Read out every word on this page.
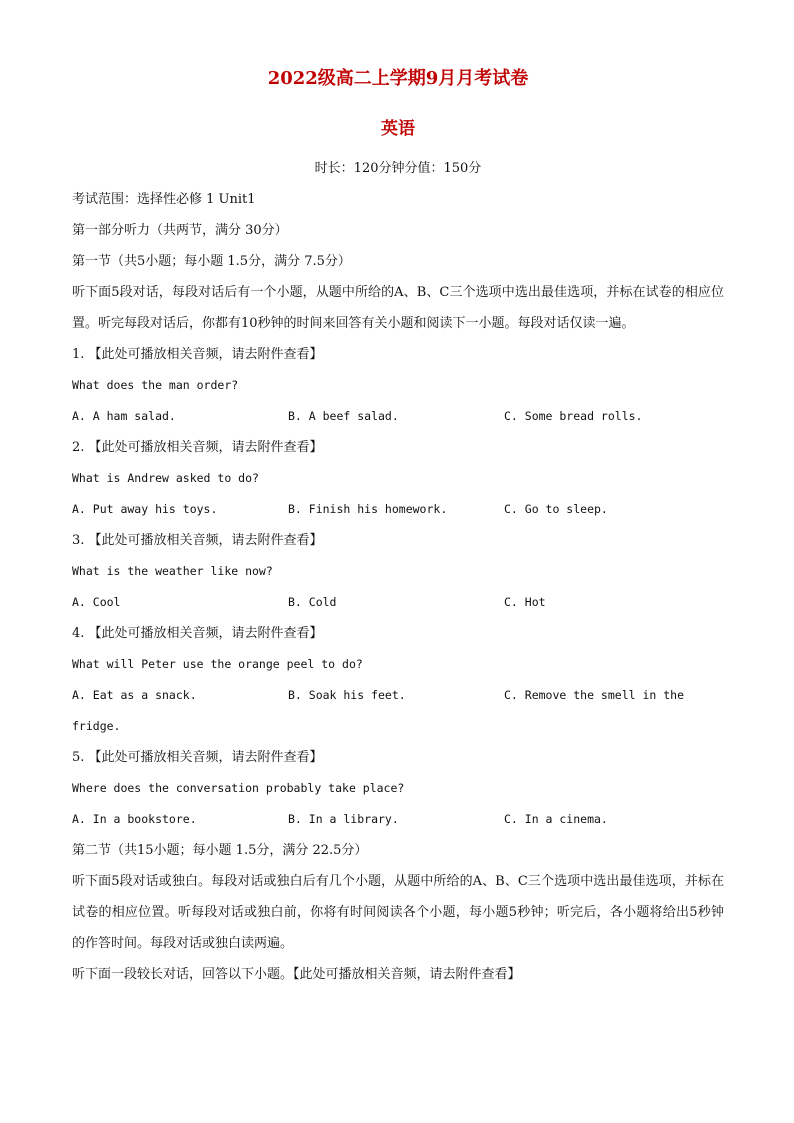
2022级高二上学期9月月考试卷
英语
时长：120分钟分值：150分
考试范围：选择性必修 1 Unit1
第一部分听力（共两节，满分 30分）
第一节（共5小题；每小题 1.5分，满分 7.5分）
听下面5段对话，每段对话后有一个小题，从题中所给的A、B、C三个选项中选出最佳选项，并标在试卷的相应位置。听完每段对话后，你都有10秒钟的时间来回答有关小题和阅读下一小题。每段对话仅读一遍。
1. 【此处可播放相关音频，请去附件查看】
What does the man order?
A. A ham salad.	B. A beef salad.	C. Some bread rolls.
2. 【此处可播放相关音频，请去附件查看】
What is Andrew asked to do?
A. Put away his toys.	B. Finish his homework.	C. Go to sleep.
3. 【此处可播放相关音频，请去附件查看】
What is the weather like now?
A. Cool	B. Cold	C. Hot
4. 【此处可播放相关音频，请去附件查看】
What will Peter use the orange peel to do?
A. Eat as a snack.	B. Soak his feet.	C. Remove the smell in the
fridge.
5. 【此处可播放相关音频，请去附件查看】
Where does the conversation probably take place?
A. In a bookstore.	B. In a library.	C. In a cinema.
第二节（共15小题；每小题 1.5分，满分 22.5分）
听下面5段对话或独白。每段对话或独白后有几个小题，从题中所给的A、B、C三个选项中选出最佳选项，并标在试卷的相应位置。听每段对话或独白前，你将有时间阅读各个小题，每小题5秒钟；听完后，各小题将给出5秒钟的作答时间。每段对话或独白读两遍。
听下面一段较长对话，回答以下小题。【此处可播放相关音频，请去附件查看】
